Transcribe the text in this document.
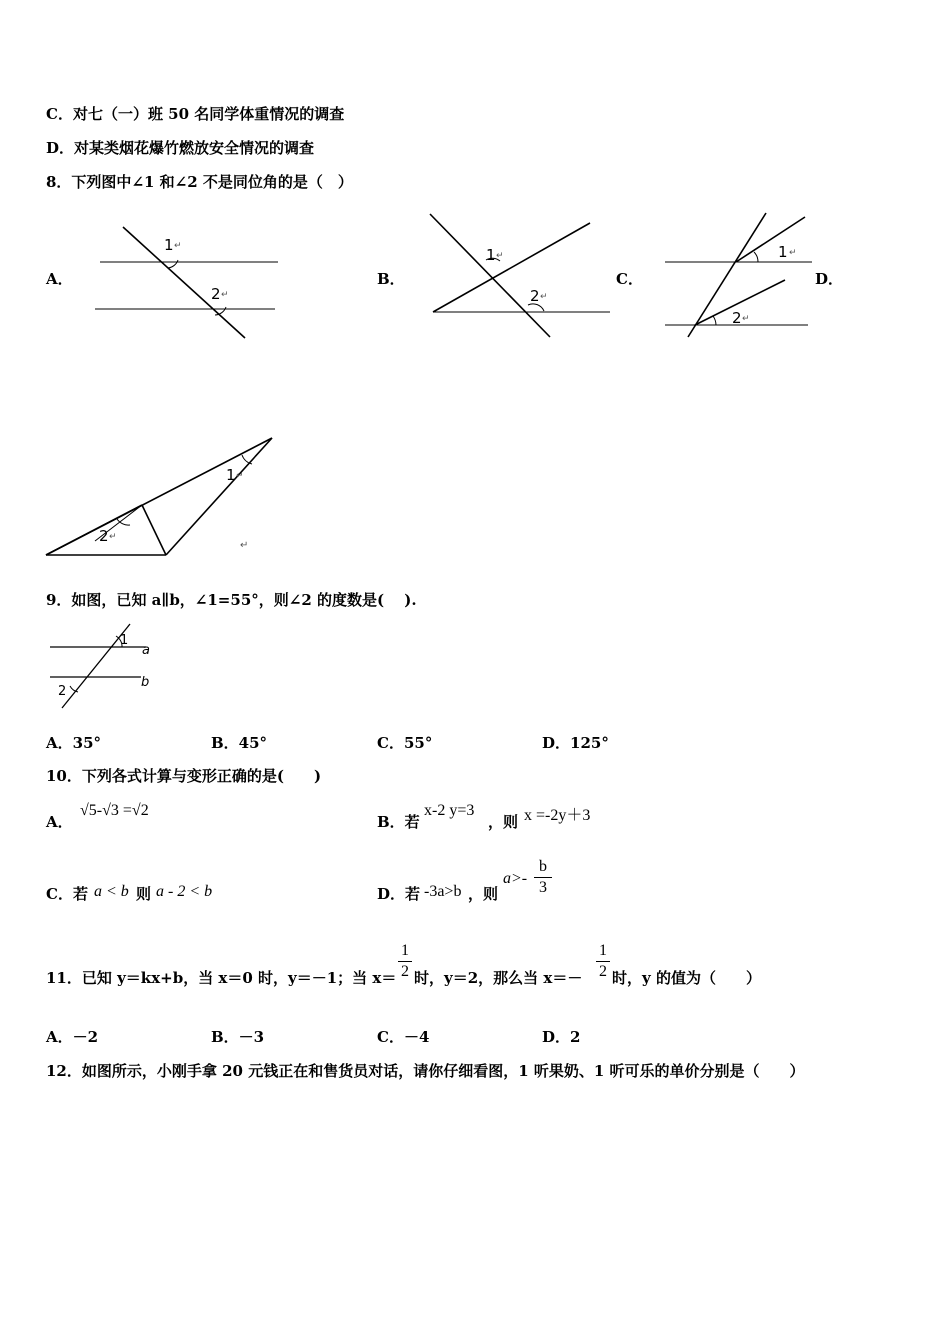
C．对七（一）班 50 名同学体重情况的调查
D．对某类烟花爆竹燃放安全情况的调查
8．下列图中∠1 和∠2 不是同位角的是（　）
A．
1 ↵
2 ↵
B．
1 ↵
2 ↵
C．
1 ↵
2 ↵
D．
1 ↵
2 ↵
↵
9．如图，已知 a∥b，∠1=55°，则∠2 的度数是(　 ).
1
a
b
2
A．35°	B．45°	C．55°	D．125°
10．下列各式计算与变形正确的是(　　)
A．
√5-√3 =√2
B．若
x-2 y=3
，则 x =-2y＋3
C．若 a < b 则 a - 2 < b	D．若 -3a>b ，则
a>-
b
3
11．已知 y＝kx+b，当 x＝0 时，y＝－1；当 x＝
1
2 时，y＝2，那么当 x＝－
1
2 时，y 的值为（　　）
A．－2	B．－3	C．－4	D．2
12．如图所示，小刚手拿 20 元钱正在和售货员对话，请你仔细看图，1 听果奶、1 听可乐的单价分别是（　　）
